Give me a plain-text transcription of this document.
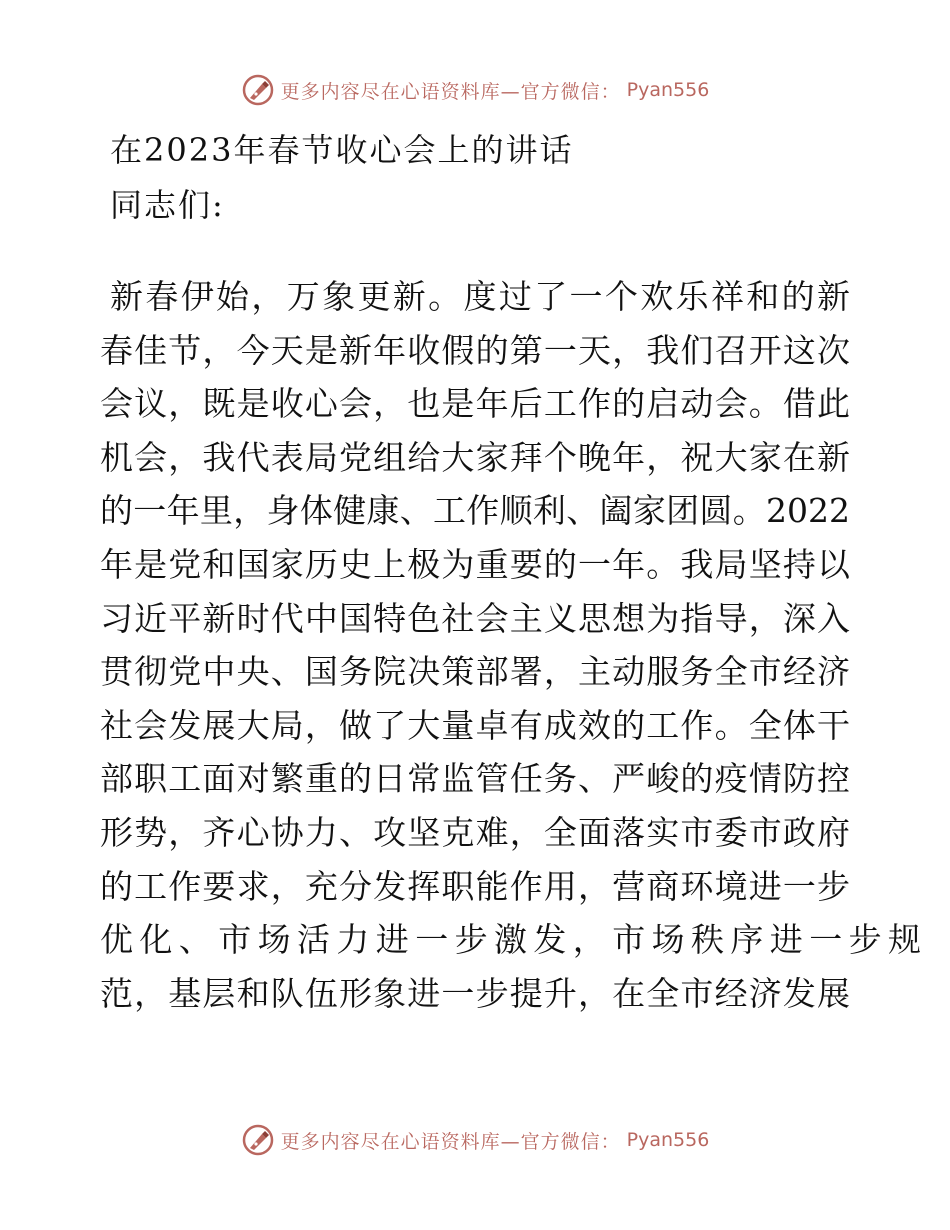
更多内容尽在心语资料库—官方微信： Pyan556
在2023年春节收心会上的讲话

同志们:

新春伊始，万象更新。度过了一个欢乐祥和的新
春佳节，今天是新年收假的第一天，我们召开这次
会议，既是收心会，也是年后工作的启动会。借此
机会，我代表局党组给大家拜个晚年，祝大家在新
的一年里，身体健康、工作顺利、阖家团圆。2022
年是党和国家历史上极为重要的一年。我局坚持以
习近平新时代中国特色社会主义思想为指导，深入
贯彻党中央、国务院决策部署，主动服务全市经济
社会发展大局，做了大量卓有成效的工作。全体干
部职工面对繁重的日常监管任务、严峻的疫情防控
形势，齐心协力、攻坚克难，全面落实市委市政府
的工作要求，充分发挥职能作用，营商环境进一步
优化、市场活力进一步激发，市场秩序进一步规
范，基层和队伍形象进一步提升，在全市经济发展
更多内容尽在心语资料库—官方微信： Pyan556
